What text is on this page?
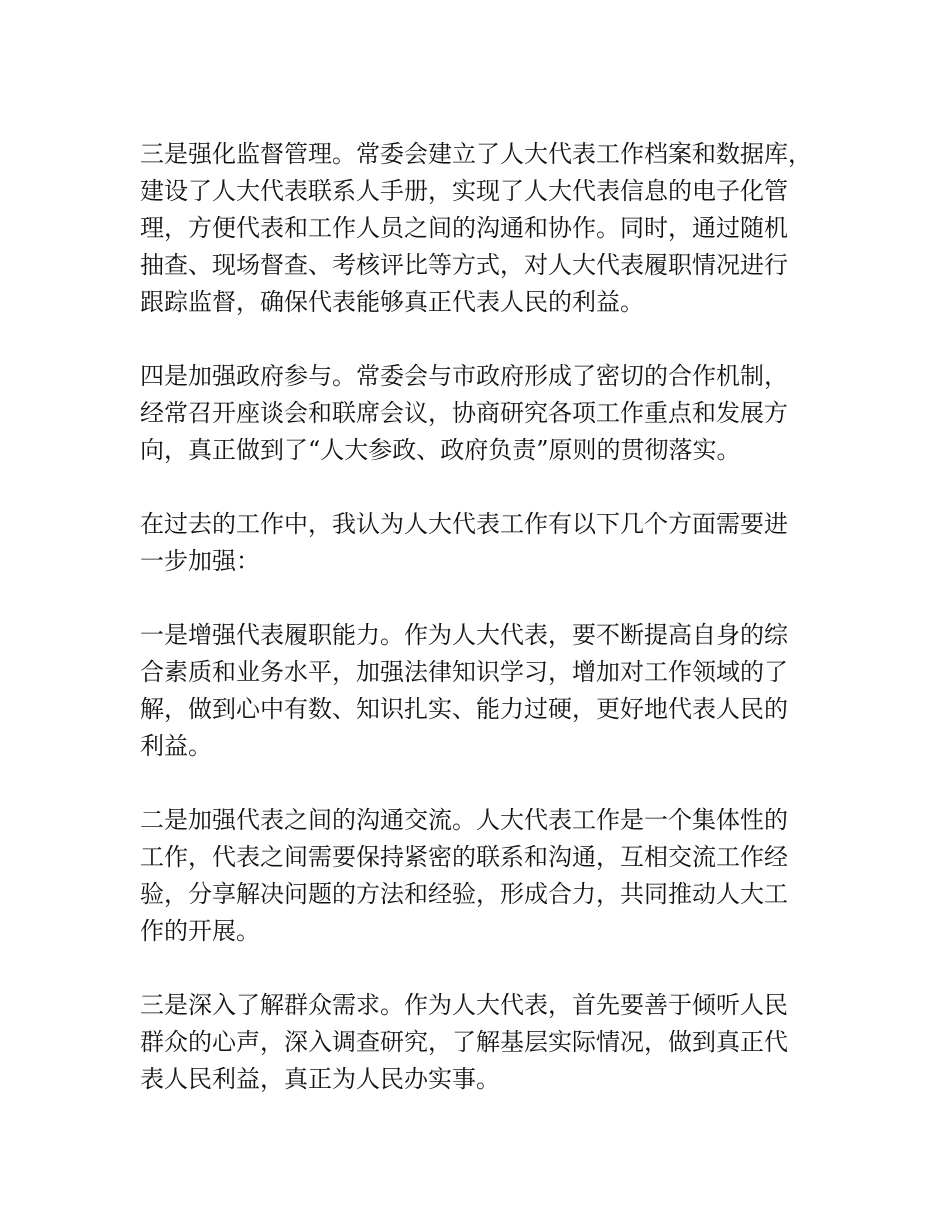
三是强化监督管理。常委会建立了人大代表工作档案和数据库，
建设了人大代表联系人手册，实现了人大代表信息的电子化管
理，方便代表和工作人员之间的沟通和协作。同时，通过随机
抽查、现场督查、考核评比等方式，对人大代表履职情况进行
跟踪监督，确保代表能够真正代表人民的利益。

四是加强政府参与。常委会与市政府形成了密切的合作机制，
经常召开座谈会和联席会议，协商研究各项工作重点和发展方
向，真正做到了“人大参政、政府负责”原则的贯彻落实。

在过去的工作中，我认为人大代表工作有以下几个方面需要进
一步加强：

一是增强代表履职能力。作为人大代表，要不断提高自身的综
合素质和业务水平，加强法律知识学习，增加对工作领域的了
解，做到心中有数、知识扎实、能力过硬，更好地代表人民的
利益。

二是加强代表之间的沟通交流。人大代表工作是一个集体性的
工作，代表之间需要保持紧密的联系和沟通，互相交流工作经
验，分享解决问题的方法和经验，形成合力，共同推动人大工
作的开展。

三是深入了解群众需求。作为人大代表，首先要善于倾听人民
群众的心声，深入调查研究，了解基层实际情况，做到真正代
表人民利益，真正为人民办实事。
